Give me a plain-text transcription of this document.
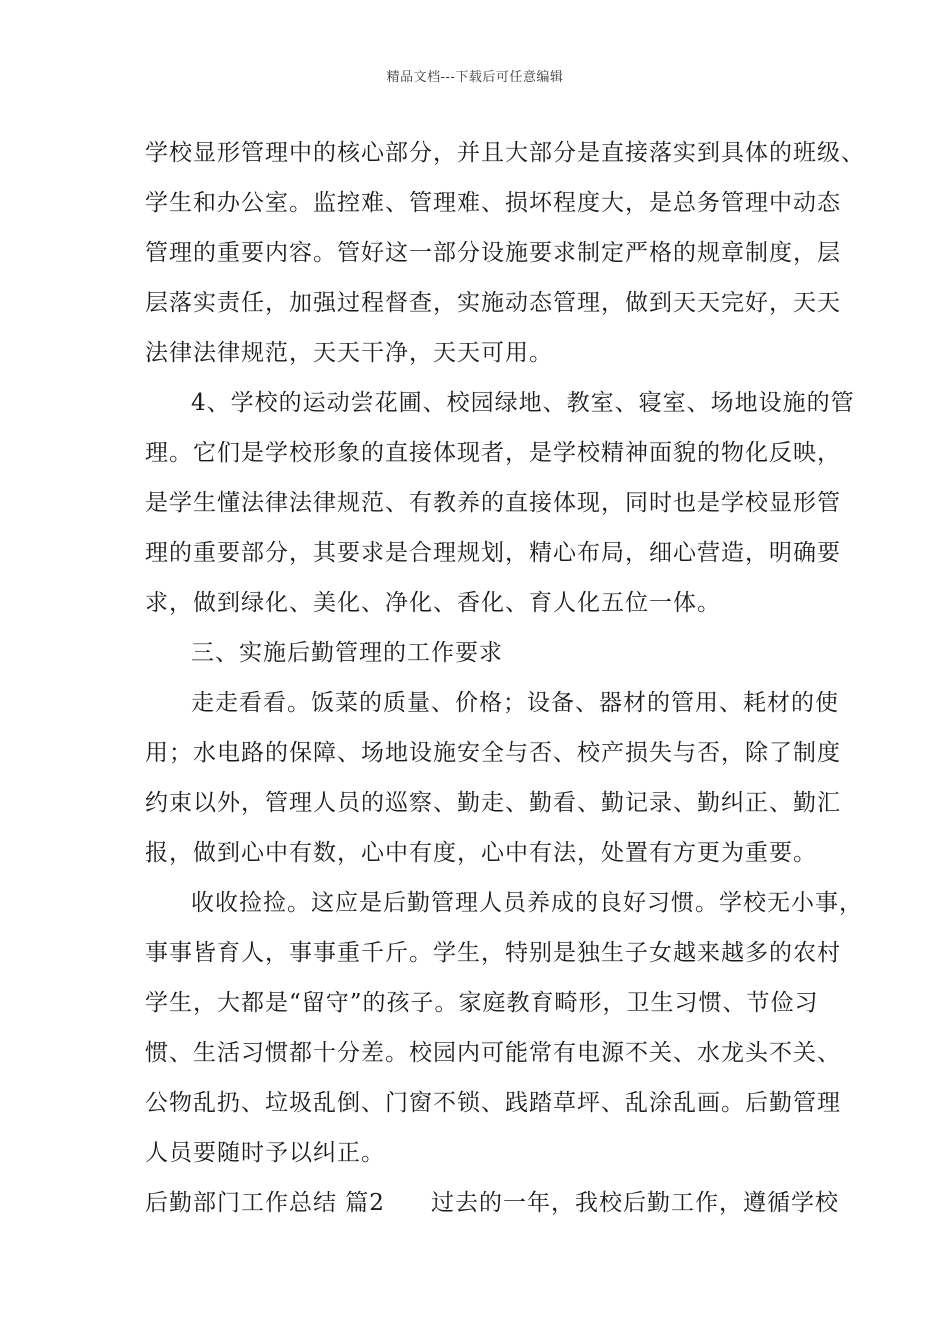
精品文档---下载后可任意编辑
学校显形管理中的核心部分，并且大部分是直接落实到具体的班级、
学生和办公室。监控难、管理难、损坏程度大，是总务管理中动态
管理的重要内容。管好这一部分设施要求制定严格的规章制度，层
层落实责任，加强过程督查，实施动态管理，做到天天完好，天天
法律法律规范，天天干净，天天可用。
4、学校的运动尝花圃、校园绿地、教室、寝室、场地设施的管
理。它们是学校形象的直接体现者，是学校精神面貌的物化反映，
是学生懂法律法律规范、有教养的直接体现，同时也是学校显形管
理的重要部分，其要求是合理规划，精心布局，细心营造，明确要
求，做到绿化、美化、净化、香化、育人化五位一体。
三、实施后勤管理的工作要求
走走看看。饭菜的质量、价格；设备、器材的管用、耗材的使
用；水电路的保障、场地设施安全与否、校产损失与否，除了制度
约束以外，管理人员的巡察、勤走、勤看、勤记录、勤纠正、勤汇
报，做到心中有数，心中有度，心中有法，处置有方更为重要。
收收捡捡。这应是后勤管理人员养成的良好习惯。学校无小事，
事事皆育人，事事重千斤。学生，特别是独生子女越来越多的农村
学生，大都是“留守”的孩子。家庭教育畸形，卫生习惯、节俭习
惯、生活习惯都十分差。校园内可能常有电源不关、水龙头不关、
公物乱扔、垃圾乱倒、门窗不锁、践踏草坪、乱涂乱画。后勤管理
人员要随时予以纠正。
后勤部门工作总结 篇2 过去的一年，我校后勤工作，遵循学校
